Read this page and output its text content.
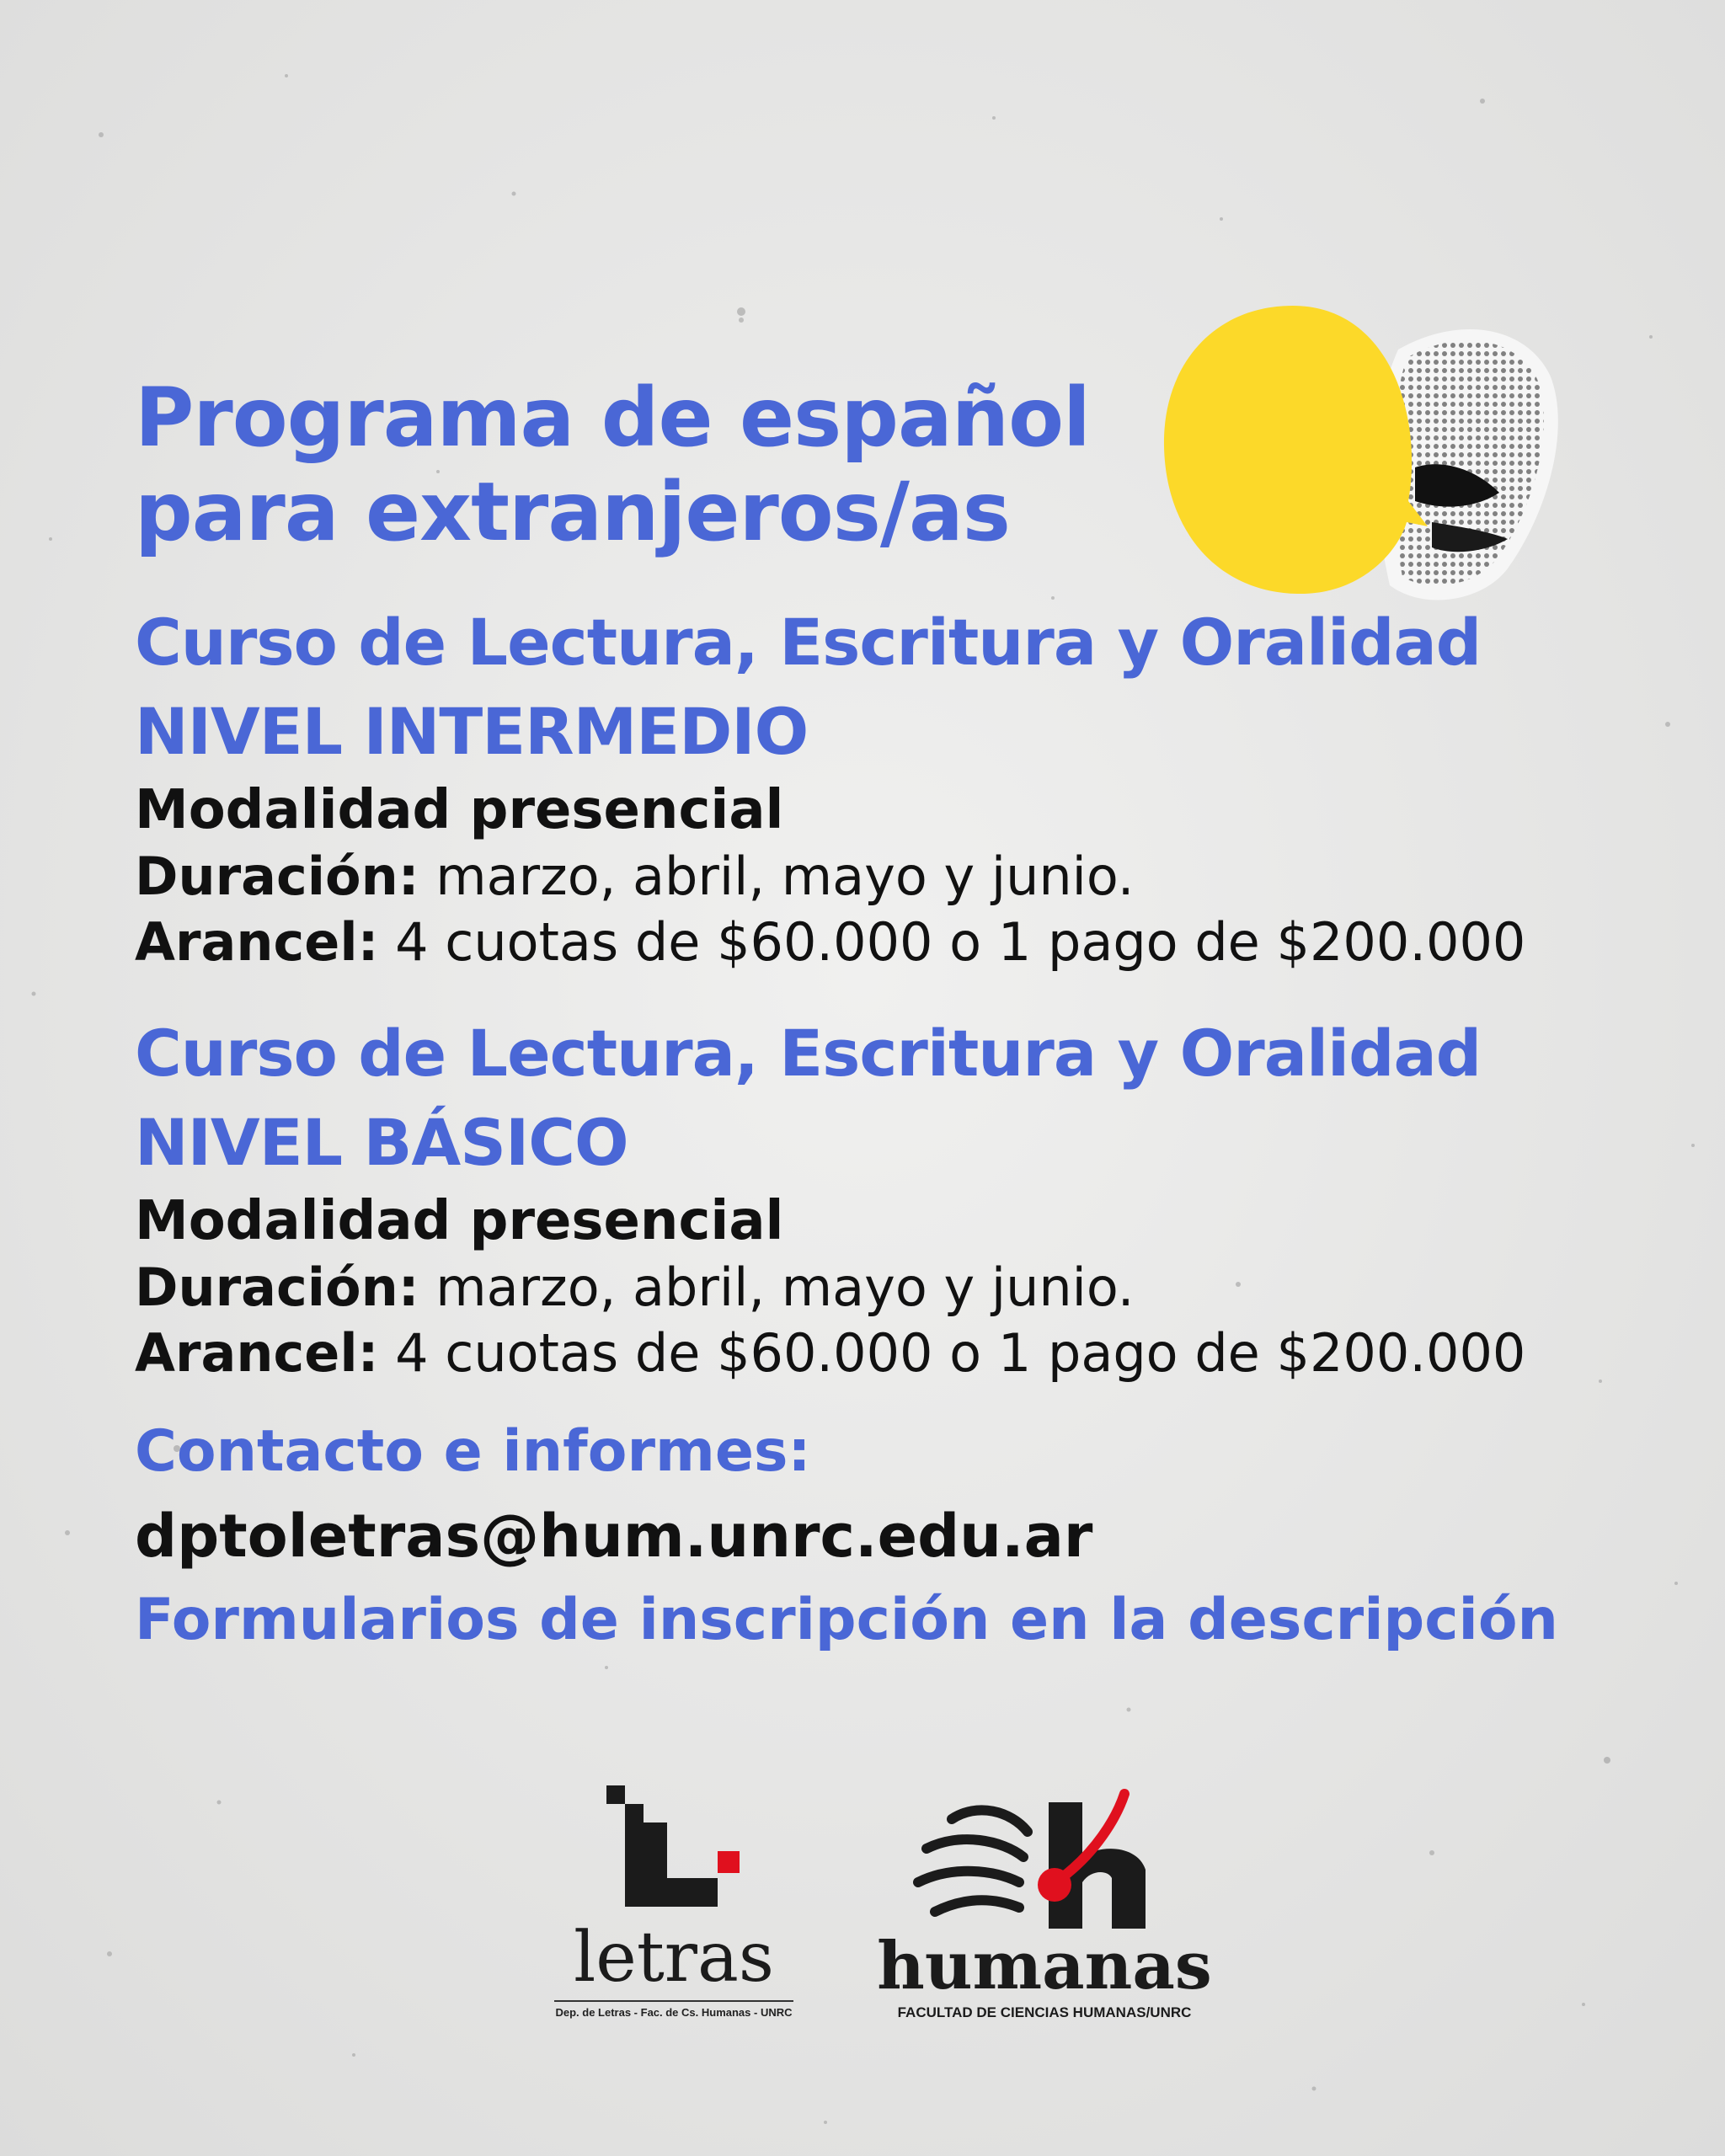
Programa de español
para extranjeros/as
Curso de Lectura, Escritura y Oralidad
NIVEL INTERMEDIO

Modalidad presencial

Duración: marzo, abril, mayo y junio.

Arancel: 4 cuotas de $60.000 o 1 pago de $200.000

Curso de Lectura, Escritura y Oralidad
NIVEL BÁSICO

Modalidad presencial

Duración: marzo, abril, mayo y junio.

Arancel: 4 cuotas de $60.000 o 1 pago de $200.000

Contacto e informes:

dptoletras@hum.unrc.edu.ar

Formularios de inscripción en la descripción

letras
Dep. de Letras - Fac. de Cs. Humanas - UNRC
humanas
FACULTAD DE CIENCIAS HUMANAS/UNRC
